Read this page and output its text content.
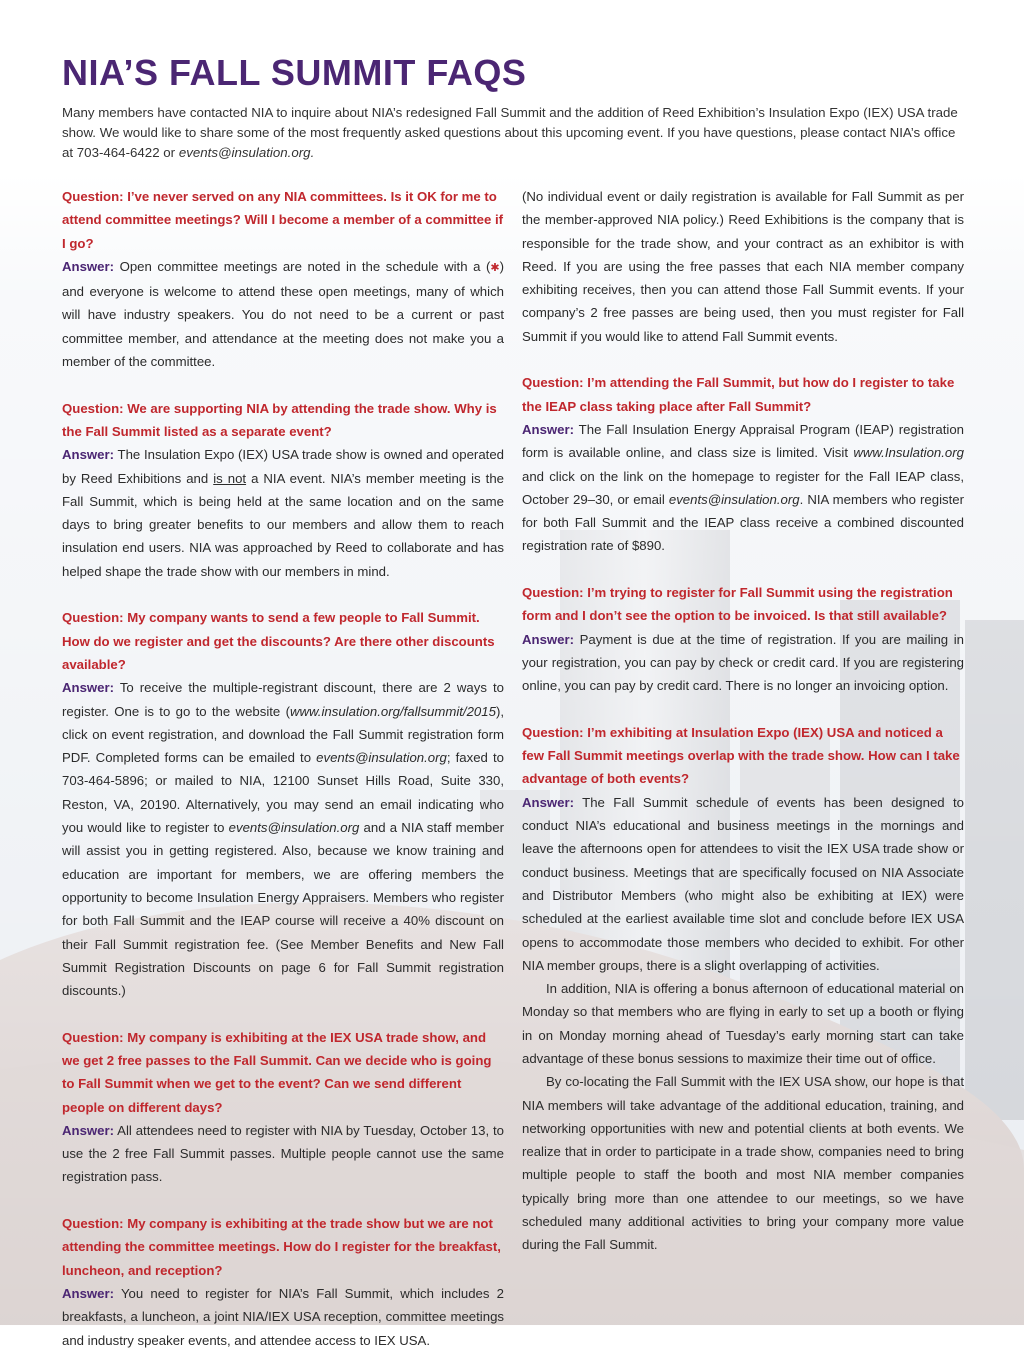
NIA’S FALL SUMMIT FAQS

Many members have contacted NIA to inquire about NIA’s redesigned Fall Summit and the addition of Reed Exhibition’s Insulation Expo (IEX) USA trade show. We would like to share some of the most frequently asked questions about this upcoming event. If you have questions, please contact NIA’s office at 703-464-6422 or events@insulation.org.

Question: I’ve never served on any NIA committees. Is it OK for me to attend committee meetings? Will I become a member of a committee if I go?

Answer: Open committee meetings are noted in the schedule with a (✱) and everyone is welcome to attend these open meetings, many of which will have industry speakers. You do not need to be a current or past committee member, and attendance at the meeting does not make you a member of the committee.

Question: We are supporting NIA by attending the trade show. Why is the Fall Summit listed as a separate event?

Answer: The Insulation Expo (IEX) USA trade show is owned and operated by Reed Exhibitions and is not a NIA event. NIA’s member meeting is the Fall Summit, which is being held at the same location and on the same days to bring greater benefits to our members and allow them to reach insulation end users. NIA was approached by Reed to collaborate and has helped shape the trade show with our members in mind.

Question: My company wants to send a few people to Fall Summit. How do we register and get the discounts? Are there other discounts available?

Answer: To receive the multiple-registrant discount, there are 2 ways to register. One is to go to the website (www.insulation.org/fallsummit/2015), click on event registration, and download the Fall Summit registration form PDF. Completed forms can be emailed to events@insulation.org; faxed to 703-464-5896; or mailed to NIA, 12100 Sunset Hills Road, Suite 330, Reston, VA, 20190. Alternatively, you may send an email indicating who you would like to register to events@insulation.org and a NIA staff member will assist you in getting registered. Also, because we know training and education are important for members, we are offering members the opportunity to become Insulation Energy Appraisers. Members who register for both Fall Summit and the IEAP course will receive a 40% discount on their Fall Summit registration fee. (See Member Benefits and New Fall Summit Registration Discounts on page 6 for Fall Summit registration discounts.)

Question: My company is exhibiting at the IEX USA trade show, and we get 2 free passes to the Fall Summit. Can we decide who is going to Fall Summit when we get to the event? Can we send different people on different days?

Answer: All attendees need to register with NIA by Tuesday, October 13, to use the 2 free Fall Summit passes. Multiple people cannot use the same registration pass.

Question: My company is exhibiting at the trade show but we are not attending the committee meetings. How do I register for the breakfast, luncheon, and reception?

Answer: You need to register for NIA’s Fall Summit, which includes 2 breakfasts, a luncheon, a joint NIA/IEX USA reception, committee meetings and industry speaker events, and attendee access to IEX USA.

(No individual event or daily registration is available for Fall Summit as per the member-approved NIA policy.) Reed Exhibitions is the company that is responsible for the trade show, and your contract as an exhibitor is with Reed. If you are using the free passes that each NIA member company exhibiting receives, then you can attend those Fall Summit events. If your company’s 2 free passes are being used, then you must register for Fall Summit if you would like to attend Fall Summit events.

Question: I’m attending the Fall Summit, but how do I register to take the IEAP class taking place after Fall Summit?

Answer: The Fall Insulation Energy Appraisal Program (IEAP) registration form is available online, and class size is limited. Visit www.Insulation.org and click on the link on the homepage to register for the Fall IEAP class, October 29–30, or email events@insulation.org. NIA members who register for both Fall Summit and the IEAP class receive a combined discounted registration rate of $890.

Question: I’m trying to register for Fall Summit using the registration form and I don’t see the option to be invoiced. Is that still available?

Answer: Payment is due at the time of registration. If you are mailing in your registration, you can pay by check or credit card. If you are registering online, you can pay by credit card. There is no longer an invoicing option.

Question: I’m exhibiting at Insulation Expo (IEX) USA and noticed a few Fall Summit meetings overlap with the trade show. How can I take advantage of both events?

Answer: The Fall Summit schedule of events has been designed to conduct NIA’s educational and business meetings in the mornings and leave the afternoons open for attendees to visit the IEX USA trade show or conduct business. Meetings that are specifically focused on NIA Associate and Distributor Members (who might also be exhibiting at IEX) were scheduled at the earliest available time slot and conclude before IEX USA opens to accommodate those members who decided to exhibit. For other NIA member groups, there is a slight overlapping of activities.

In addition, NIA is offering a bonus afternoon of educational material on Monday so that members who are flying in early to set up a booth or flying in on Monday morning ahead of Tuesday’s early morning start can take advantage of these bonus sessions to maximize their time out of office.

By co-locating the Fall Summit with the IEX USA show, our hope is that NIA members will take advantage of the additional education, training, and networking opportunities with new and potential clients at both events. We realize that in order to participate in a trade show, companies need to bring multiple people to staff the booth and most NIA member companies typically bring more than one attendee to our meetings, so we have scheduled many additional activities to bring your company more value during the Fall Summit.
